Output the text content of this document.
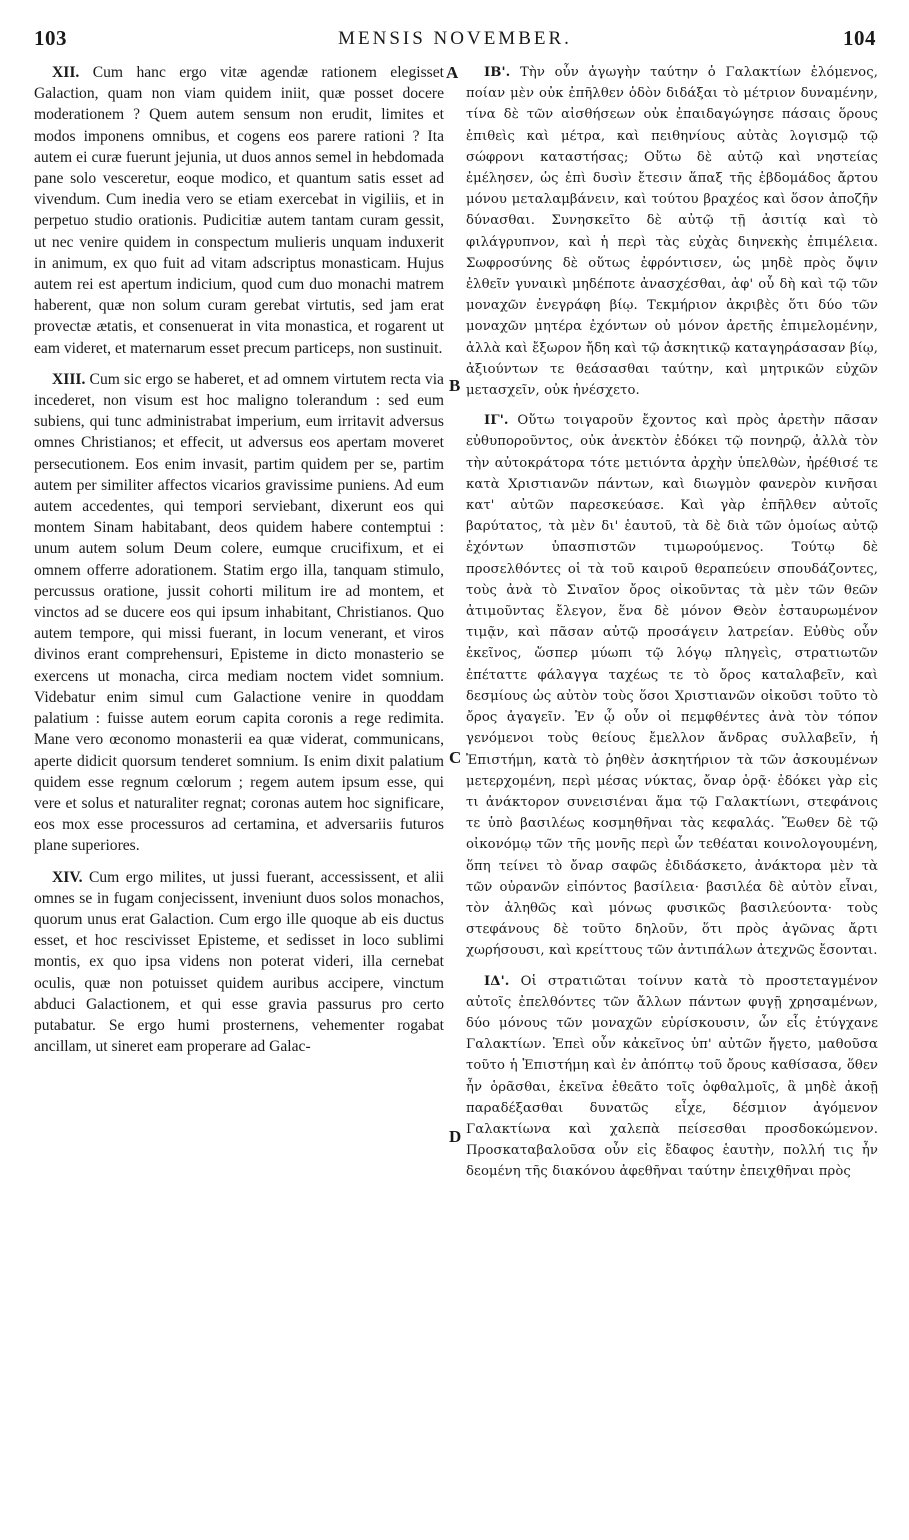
103	MENSIS NOVEMBER.	104

XII. Cum hanc ergo vitæ agendæ rationem elegisset Galaction, quam non viam quidem iniit, quæ posset docere moderationem ? Quem autem sensum non erudit, limites et modos imponens omnibus, et cogens eos parere rationi ? Ita autem ei curæ fuerunt jejunia, ut duos annos semel in hebdomada pane solo vesceretur, eoque modico, et quantum satis esset ad vivendum. Cum inedia vero se etiam exercebat in vigiliis, et in perpetuo studio orationis. Pudicitiæ autem tantam curam gessit, ut nec venire quidem in conspectum mulieris unquam induxerit in animum, ex quo fuit ad vitam adscriptus monasticam. Hujus autem rei est apertum indicium, quod cum duo monachi matrem haberent, quæ non solum curam gerebat virtutis, sed jam erat provectæ ætatis, et consenuerat in vita monastica, et rogarent ut eam videret, et maternarum esset precum particeps, non sustinuit.

XIII. Cum sic ergo se haberet, et ad omnem virtutem recta via incederet, non visum est hoc maligno tolerandum : sed eum subiens, qui tunc administrabat imperium, eum irritavit adversus omnes Christianos; et effecit, ut adversus eos apertam moveret persecutionem. Eos enim invasit, partim quidem per se, partim autem per similiter affectos vicarios gravissime puniens. Ad eum autem accedentes, qui tempori serviebant, dixerunt eos qui montem Sinam habitabant, deos quidem habere contemptui : unum autem solum Deum colere, eumque crucifixum, et ei omnem offerre adorationem. Statim ergo illa, tanquam stimulo, percussus oratione, jussit cohorti militum ire ad montem, et vinctos ad se ducere eos qui ipsum inhabitant, Christianos. Quo autem tempore, qui missi fuerant, in locum venerant, et viros divinos erant comprehensuri, Episteme in dicto monasterio se exercens ut monacha, circa mediam noctem videt somnium. Videbatur enim simul cum Galactione venire in quoddam palatium : fuisse autem eorum capita coronis a rege redimita. Mane vero œconomo monasterii ea quæ viderat, communicans, aperte didicit quorsum tenderet somnium. Is enim dixit palatium quidem esse regnum cœlorum ; regem autem ipsum esse, qui vere et solus et naturaliter regnat; coronas autem hoc significare, eos mox esse processuros ad certamina, et adversariis futuros plane superiores.

XIV. Cum ergo milites, ut jussi fuerant, accessissent, et alii omnes se in fugam conjecissent, inveniunt duos solos monachos, quorum unus erat Galaction. Cum ergo ille quoque ab eis ductus esset, et hoc rescivisset Episteme, et sedisset in loco sublimi montis, ex quo ipsa videns non poterat videri, illa cernebat oculis, quæ non potuisset quidem auribus accipere, vinctum abduci Galactionem, et qui esse gravia passurus pro certo putabatur. Se ergo humi prosternens, vehementer rogabat ancillam, ut sineret eam properare ad Galac-

A
B
C
D

ΙΒ'. Τὴν οὖν ἀγωγὴν ταύτην ὁ Γαλακτίων ἑλόμενος, ποίαν μὲν οὐκ ἐπῆλθεν ὁδὸν διδάξαι τὸ μέτριον δυναμένην, τίνα δὲ τῶν αἰσθήσεων οὐκ ἐπαιδαγώγησε πάσαις ὅρους ἐπιθεὶς καὶ μέτρα, καὶ πειθηνίους αὐτὰς λογισμῷ τῷ σώφρονι καταστήσας; Οὕτω δὲ αὐτῷ καὶ νηστείας ἐμέλησεν, ὡς ἐπὶ δυσὶν ἔτεσιν ἅπαξ τῆς ἑβδομάδος ἄρτου μόνου μεταλαμβάνειν, καὶ τούτου βραχέος καὶ ὅσον ἀποζῆν δύνασθαι. Συνησκεῖτο δὲ αὐτῷ τῇ ἀσιτίᾳ καὶ τὸ φιλάγρυπνον, καὶ ἡ περὶ τὰς εὐχὰς διηνεκὴς ἐπιμέλεια. Σωφροσύνης δὲ οὕτως ἐφρόντισεν, ὡς μηδὲ πρὸς ὄψιν ἐλθεῖν γυναικὶ μηδέποτε ἀνασχέσθαι, ἀφ' οὗ δὴ καὶ τῷ τῶν μοναχῶν ἐνεγράφη βίῳ. Τεκμήριον ἀκριβὲς ὅτι δύο τῶν μοναχῶν μητέρα ἐχόντων οὐ μόνον ἀρετῆς ἐπιμελομένην, ἀλλὰ καὶ ἔξωρον ἤδη καὶ τῷ ἀσκητικῷ καταγηράσασαν βίῳ, ἀξιούντων τε θεάσασθαι ταύτην, καὶ μητρικῶν εὐχῶν μετασχεῖν, οὐκ ἠνέσχετο.

ΙΓ'. Οὕτω τοιγαροῦν ἔχοντος καὶ πρὸς ἀρετὴν πᾶσαν εὐθυποροῦντος, οὐκ ἀνεκτὸν ἐδόκει τῷ πονηρῷ, ἀλλὰ τὸν τὴν αὐτοκράτορα τότε μετιόντα ἀρχὴν ὑπελθὼν, ἠρέθισέ τε κατὰ Χριστιανῶν πάντων, καὶ διωγμὸν φανερὸν κινῆσαι κατ' αὐτῶν παρεσκεύασε. Καὶ γὰρ ἐπῆλθεν αὐτοῖς βαρύτατος, τὰ μὲν δι' ἑαυτοῦ, τὰ δὲ διὰ τῶν ὁμοίως αὐτῷ ἐχόντων ὑπασπιστῶν τιμωρούμενος. Τούτῳ δὲ προσελθόντες οἱ τὰ τοῦ καιροῦ θεραπεύειν σπουδάζοντες, τοὺς ἀνὰ τὸ Σιναῖον ὄρος οἰκοῦντας τὰ μὲν τῶν θεῶν ἀτιμοῦντας ἔλεγον, ἕνα δὲ μόνον Θεὸν ἐσταυρωμένον τιμᾷν, καὶ πᾶσαν αὐτῷ προσάγειν λατρείαν. Εὐθὺς οὖν ἐκεῖνος, ὥσπερ μύωπι τῷ λόγῳ πληγεὶς, στρατιωτῶν ἐπέταττε φάλαγγα ταχέως τε τὸ ὄρος καταλαβεῖν, καὶ δεσμίους ὡς αὐτὸν τοὺς ὅσοι Χριστιανῶν οἰκοῦσι τοῦτο τὸ ὄρος ἀγαγεῖν. Ἐν ᾧ οὖν οἱ πεμφθέντες ἀνὰ τὸν τόπον γενόμενοι τοὺς θείους ἔμελλον ἄνδρας συλλαβεῖν, ἡ Ἐπιστήμη, κατὰ τὸ ῥηθὲν ἀσκητήριον τὰ τῶν ἀσκουμένων μετερχομένη, περὶ μέσας νύκτας, ὄναρ ὁρᾷ· ἐδόκει γὰρ εἰς τι ἀνάκτορον συνεισιέναι ἅμα τῷ Γαλακτίωνι, στεφάνοις τε ὑπὸ βασιλέως κοσμηθῆναι τὰς κεφαλάς. Ἕωθεν δὲ τῷ οἰκονόμῳ τῶν τῆς μονῆς περὶ ὧν τεθέαται κοινολογουμένη, ὅπη τείνει τὸ ὄναρ σαφῶς ἐδιδάσκετο, ἀνάκτορα μὲν τὰ τῶν οὐρανῶν εἰπόντος βασίλεια· βασιλέα δὲ αὐτὸν εἶναι, τὸν ἀληθῶς καὶ μόνως φυσικῶς βασιλεύοντα· τοὺς στεφάνους δὲ τοῦτο δηλοῦν, ὅτι πρὸς ἀγῶνας ἄρτι χωρήσουσι, καὶ κρείττους τῶν ἀντιπάλων ἀτεχνῶς ἔσονται.

ΙΔ'. Οἱ στρατιῶται τοίνυν κατὰ τὸ προστεταγμένον αὐτοῖς ἐπελθόντες τῶν ἄλλων πάντων φυγῇ χρησαμένων, δύο μόνους τῶν μοναχῶν εὑρίσκουσιν, ὧν εἷς ἐτύγχανε Γαλακτίων. Ἐπεὶ οὖν κἀκεῖνος ὑπ' αὐτῶν ἤγετο, μαθοῦσα τοῦτο ἡ Ἐπιστήμη καὶ ἐν ἀπόπτῳ τοῦ ὄρους καθίσασα, ὅθεν ἦν ὁρᾶσθαι, ἐκεῖνα ἐθεᾶτο τοῖς ὀφθαλμοῖς, ἃ μηδὲ ἀκοῇ παραδέξασθαι δυνατῶς εἶχε, δέσμιον ἀγόμενον Γαλακτίωνα καὶ χαλεπὰ πείσεσθαι προσδοκώμενον. Προσκαταβαλοῦσα οὖν εἰς ἔδαφος ἑαυτὴν, πολλή τις ἦν δεομένη τῆς διακόνου ἀφεθῆναι ταύτην ἐπειχθῆναι πρὸς
